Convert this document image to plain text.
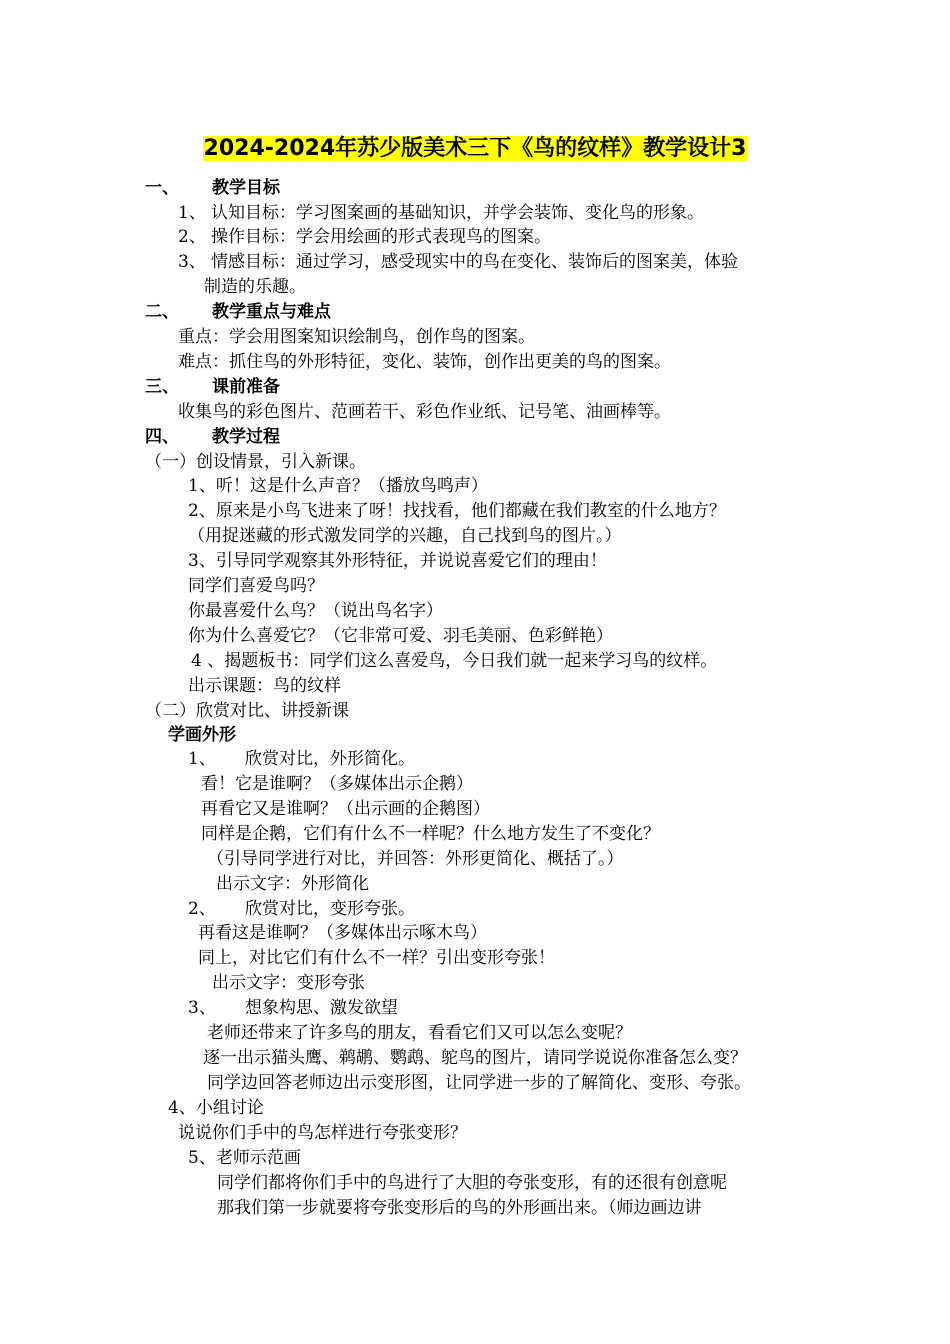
2024-2024年苏少版美术三下《鸟的纹样》教学设计3
一、 教学目标
1、 认知目标：学习图案画的基础知识，并学会装饰、变化鸟的形象。
2、 操作目标：学会用绘画的形式表现鸟的图案。
3、 情感目标：通过学习，感受现实中的鸟在变化、装饰后的图案美，体验
制造的乐趣。
二、 教学重点与难点
重点：学会用图案知识绘制鸟，创作鸟的图案。
难点：抓住鸟的外形特征，变化、装饰，创作出更美的鸟的图案。
三、 课前准备
收集鸟的彩色图片、范画若干、彩色作业纸、记号笔、油画棒等。
四、 教学过程
（一）创设情景，引入新课。
1、听！这是什么声音？（播放鸟鸣声）
2、原来是小鸟飞进来了呀！找找看，他们都藏在我们教室的什么地方？
（用捉迷藏的形式激发同学的兴趣，自己找到鸟的图片。）
3、引导同学观察其外形特征，并说说喜爱它们的理由！
同学们喜爱鸟吗？
你最喜爱什么鸟？（说出鸟名字）
你为什么喜爱它？（它非常可爱、羽毛美丽、色彩鲜艳）
4 、揭题板书：同学们这么喜爱鸟，今日我们就一起来学习鸟的纹样。
出示课题：鸟的纹样
（二）欣赏对比、讲授新课
学画外形
1、 欣赏对比，外形简化。
看！它是谁啊？（多媒体出示企鹅）
再看它又是谁啊？（出示画的企鹅图）
同样是企鹅，它们有什么不一样呢？什么地方发生了不变化？
（引导同学进行对比，并回答：外形更简化、概括了。）
出示文字：外形简化
2、 欣赏对比，变形夸张。
再看这是谁啊？（多媒体出示啄木鸟）
同上，对比它们有什么不一样？引出变形夸张！
出示文字：变形夸张
3、 想象构思、激发欲望
老师还带来了许多鸟的朋友，看看它们又可以怎么变呢？
逐一出示猫头鹰、鹈鹕、鹦鹉、鸵鸟的图片，请同学说说你准备怎么变？
同学边回答老师边出示变形图，让同学进一步的了解简化、变形、夸张。
4、小组讨论
说说你们手中的鸟怎样进行夸张变形？
5、老师示范画
同学们都将你们手中的鸟进行了大胆的夸张变形，有的还很有创意呢
那我们第一步就要将夸张变形后的鸟的外形画出来。（师边画边讲
